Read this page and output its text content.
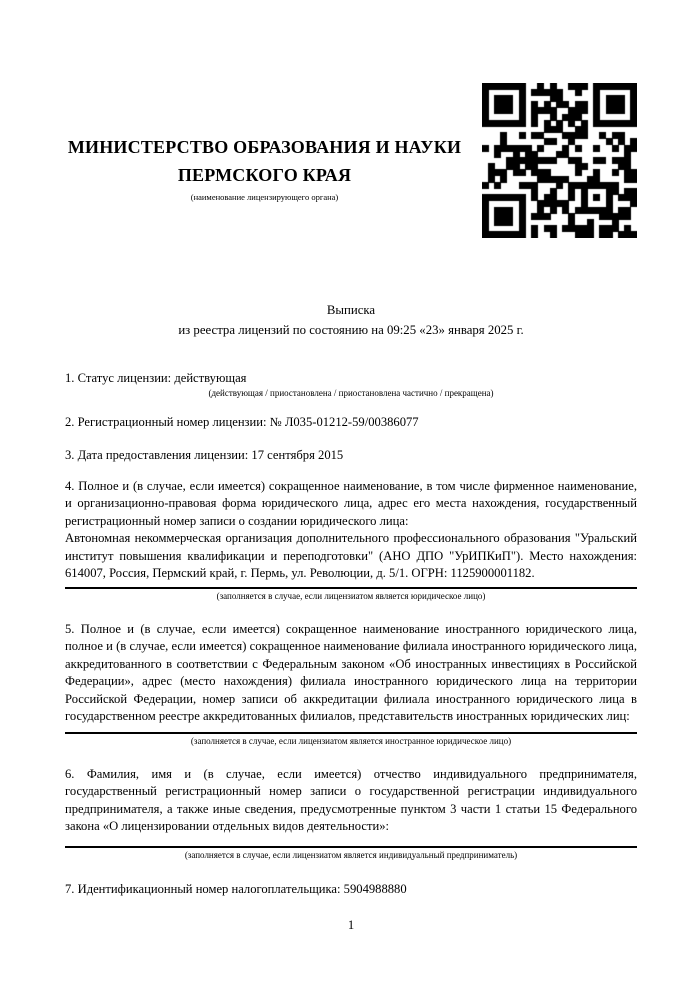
МИНИСТЕРСТВО ОБРАЗОВАНИЯ И НАУКИ
ПЕРМСКОГО КРАЯ
(наименование лицензирующего органа)
Выписка
из реестра лицензий по состоянию на 09:25 «23» января 2025 г.
1. Статус лицензии: действующая
(действующая / приостановлена / приостановлена частично / прекращена)
2. Регистрационный номер лицензии: № Л035-01212-59/00386077
3. Дата предоставления лицензии: 17 сентября 2015
4. Полное и (в случае, если имеется) сокращенное наименование, в том числе фирменное наименование, и организационно-правовая форма юридического лица, адрес его места нахождения, государственный регистрационный номер записи о создании юридического лица:
Автономная некоммерческая организация дополнительного профессионального образования "Уральский институт повышения квалификации и переподготовки" (АНО ДПО "УрИПКиП"). Место нахождения: 614007, Россия, Пермский край, г. Пермь, ул. Революции, д. 5/1. ОГРН: 1125900001182.
(заполняется в случае, если лицензиатом является юридическое лицо)
5. Полное и (в случае, если имеется) сокращенное наименование иностранного юридического лица, полное и (в случае, если имеется) сокращенное наименование филиала иностранного юридического лица, аккредитованного в соответствии с Федеральным законом «Об иностранных инвестициях в Российской Федерации», адрес (место нахождения) филиала иностранного юридического лица на территории Российской Федерации, номер записи об аккредитации филиала иностранного юридического лица в государственном реестре аккредитованных филиалов, представительств иностранных юридических лиц:
(заполняется в случае, если лицензиатом является иностранное юридическое лицо)
6. Фамилия, имя и (в случае, если имеется) отчество индивидуального предпринимателя, государственный регистрационный номер записи о государственной регистрации индивидуального предпринимателя, а также иные сведения, предусмотренные пунктом 3 части 1 статьи 15 Федерального закона «О лицензировании отдельных видов деятельности»:
(заполняется в случае, если лицензиатом является индивидуальный предприниматель)
7. Идентификационный номер налогоплательщика: 5904988880
1
